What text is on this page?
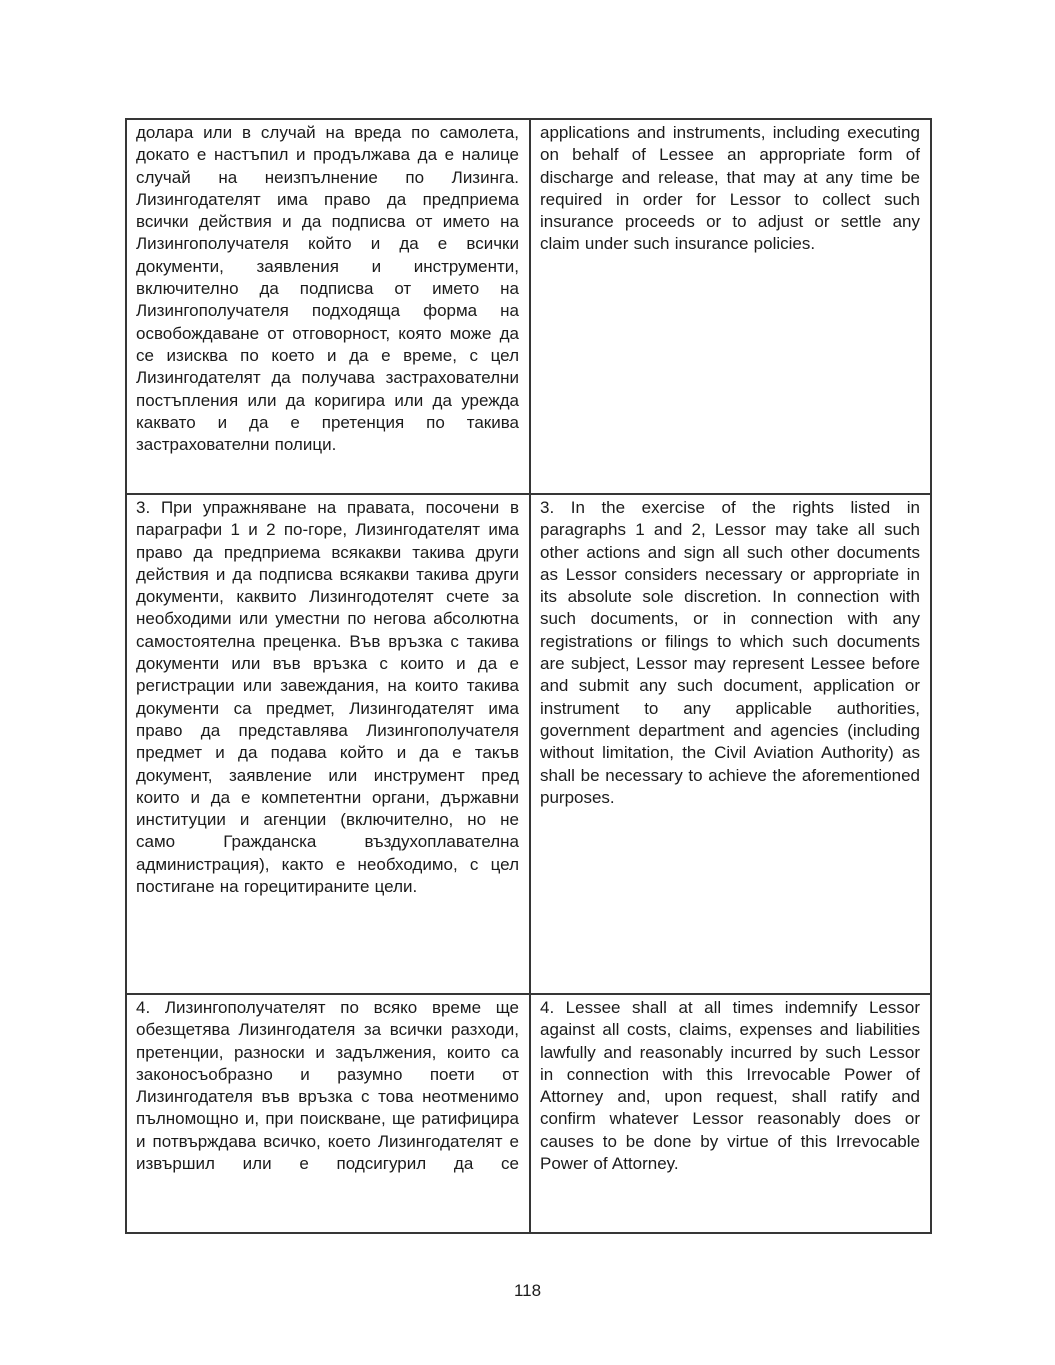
долара или в случай на вреда по самолета, докато е настъпил и продължава да е налице случай на неизпълнение по Лизинга. Лизингодателят има право да предприема всички действия и да подписва от името на Лизингополучателя който и да е всички документи, заявления и инструменти, включително да подписва от името на Лизингополучателя подходяща форма на освобождаване от отговорност, която може да се изисква по което и да е време, с цел Лизингодателят да получава застрахователни постъпления или да коригира или да урежда каквато и да е претенция по такива застрахователни полици.	applications and instruments, including executing on behalf of Lessee an appropriate form of discharge and release, that may at any time be required in order for Lessor to collect such insurance proceeds or to adjust or settle any claim under such insurance policies.
3. При упражняване на правата, посочени в параграфи 1 и 2 по-горе, Лизингодателят има право да предприема всякакви такива други действия и да подписва всякакви такива други документи, каквито Лизингодотелят счете за необходими или уместни по негова абсолютна самостоятелна преценка. Във връзка с такива документи или във връзка с които и да е регистрации или завеждания, на които такива документи са предмет, Лизингодателят има право да представлява Лизингополучателя предмет и да подава който и да е такъв документ, заявление или инструмент пред които и да е компетентни органи, държавни институции и агенции (включително, но не само Гражданска въздухоплавателна администрация), както е необходимо, с цел постигане на горецитираните цели.	3. In the exercise of the rights listed in paragraphs 1 and 2, Lessor may take all such other actions and sign all such other documents as Lessor considers necessary or appropriate in its absolute sole discretion. In connection with such documents, or in connection with any registrations or filings to which such documents are subject, Lessor may represent Lessee before and submit any such document, application or instrument to any applicable authorities, government department and agencies (including without limitation, the Civil Aviation Authority) as shall be necessary to achieve the aforementioned purposes.
4. Лизингополучателят по всяко време ще обезщетява Лизингодателя за всички разходи, претенции, разноски и задължения, които са законосъобразно и разумно поети от Лизингодателя във връзка с това неотменимо пълномощно и, при поискване, ще ратифицира и потвърждава всичко, което Лизингодателят е извършил или е подсигурил да се	4. Lessee shall at all times indemnify Lessor against all costs, claims, expenses and liabilities lawfully and reasonably incurred by such Lessor in connection with this Irrevocable Power of Attorney and, upon request, shall ratify and confirm whatever Lessor reasonably does or causes to be done by virtue of this Irrevocable Power of Attorney.
118
